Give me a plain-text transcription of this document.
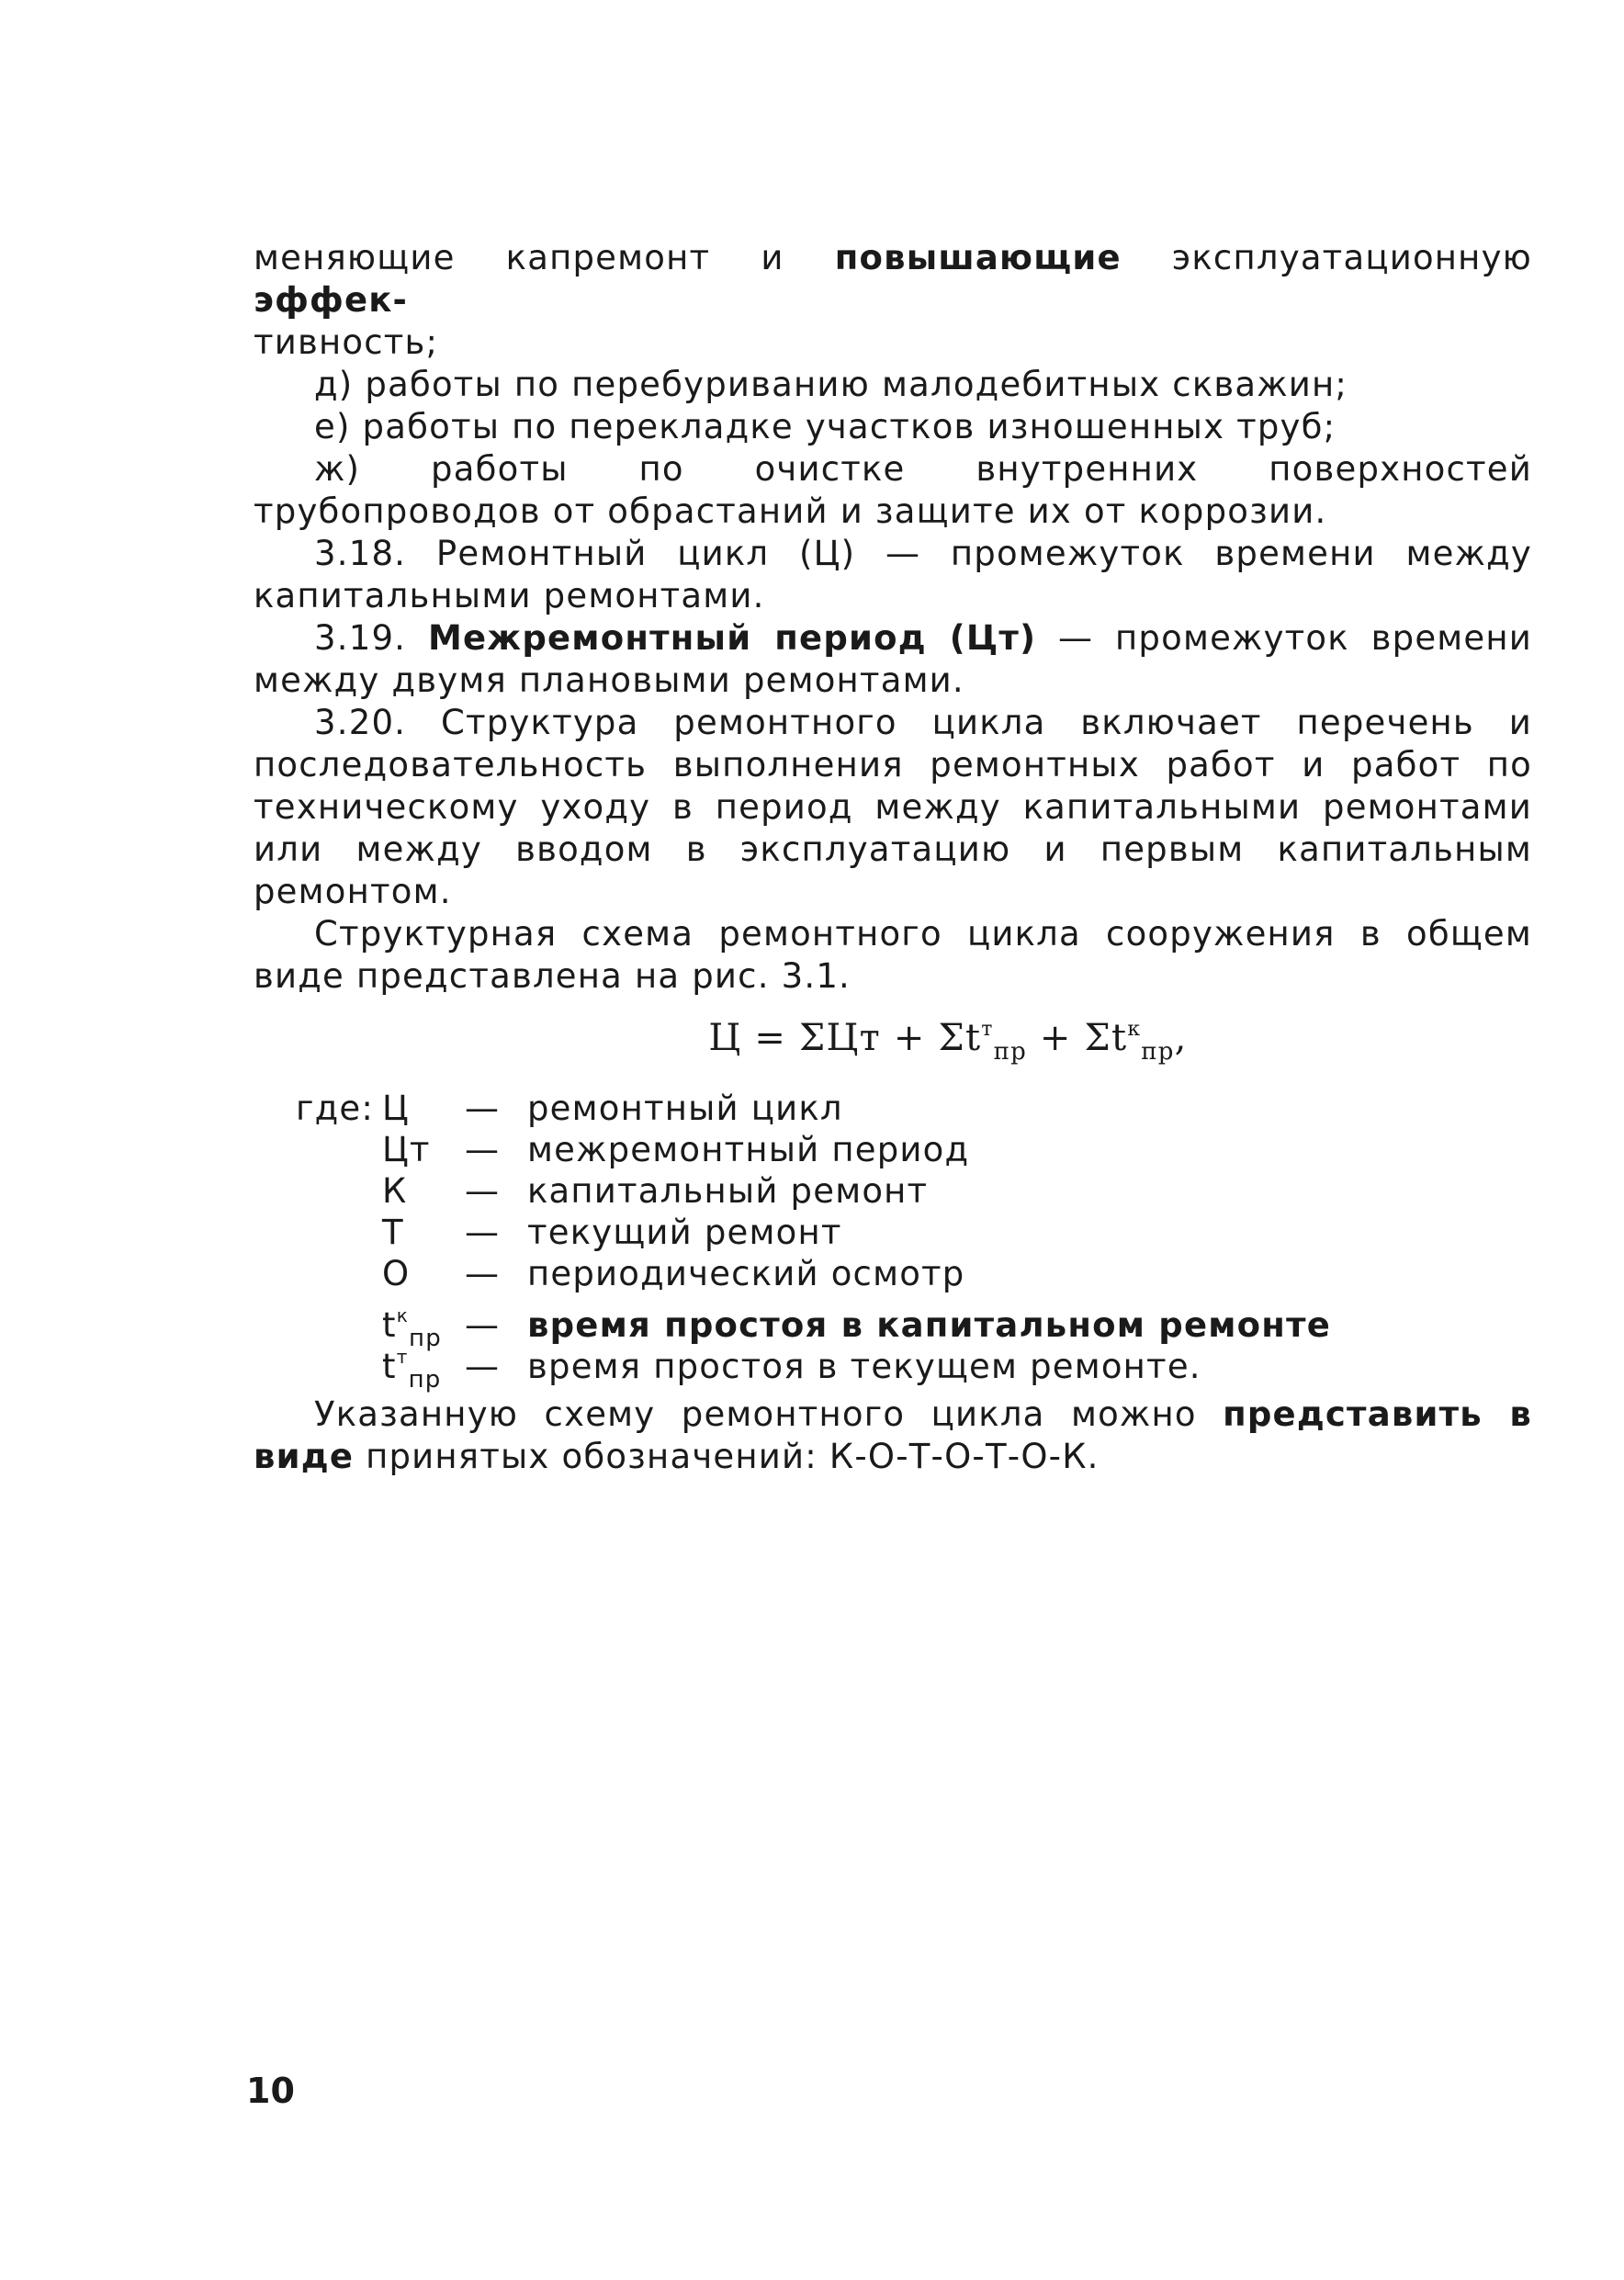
меняющие капремонт и повышающие эксплуатационную эффек-
тивность;

д) работы по перебуриванию малодебитных скважин;

е) работы по перекладке участков изношенных труб;

ж) работы по очистке внутренних поверхностей трубопроводов от обрастаний и защите их от коррозии.

3.18. Ремонтный цикл (Ц) — промежуток времени между капитальными ремонтами.

3.19. Межремонтный период (Цт) — промежуток времени между двумя плановыми ремонтами.

3.20. Структура ремонтного цикла включает перечень и последовательность выполнения ремонтных работ и работ по техническому уходу в период между капитальными ремонтами или между вводом в эксплуатацию и первым капитальным ремонтом.

Структурная схема ремонтного цикла сооружения в общем виде представлена на рис. 3.1.

$Ц = \Sigma Цт + \Sigma t^т_{пр} + \Sigma t^к_{пр}$,
где: Ц	— ремонтный цикл
Цт	— межремонтный период
К	— капитальный ремонт
Т	— текущий ремонт
О	— периодический осмотр
$t^к_{пр}$ — время простоя в капитальном ремонте
$t^т_{пр}$ — время простоя в текущем ремонте.

Указанную схему ремонтного цикла можно представить в виде принятых обозначений: К-О-Т-О-Т-О-К.

10
